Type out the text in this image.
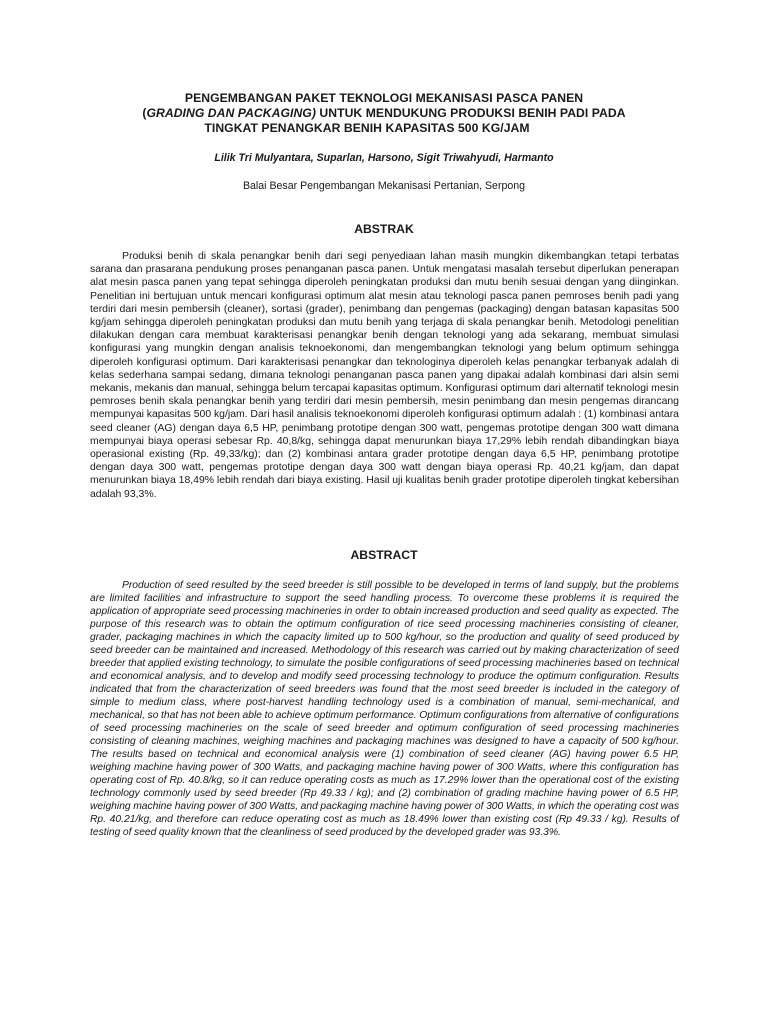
PENGEMBANGAN PAKET TEKNOLOGI MEKANISASI PASCA PANEN
(GRADING DAN PACKAGING) UNTUK MENDUKUNG PRODUKSI BENIH PADI PADA
TINGKAT PENANGKAR BENIH KAPASITAS 500 KG/JAM
Lilik Tri Mulyantara, Suparlan, Harsono, Sigit Triwahyudi, Harmanto
Balai Besar Pengembangan Mekanisasi Pertanian, Serpong
ABSTRAK

Produksi benih di skala penangkar benih dari segi penyediaan lahan masih mungkin dikembangkan tetapi terbatas sarana dan prasarana pendukung proses penanganan pasca panen. Untuk mengatasi masalah tersebut diperlukan penerapan alat mesin pasca panen yang tepat sehingga diperoleh peningkatan produksi dan mutu benih sesuai dengan yang diinginkan. Penelitian ini bertujuan untuk mencari konfigurasi optimum alat mesin atau teknologi pasca panen pemroses benih padi yang terdiri dari mesin pembersih (cleaner), sortasi (grader), penimbang dan pengemas (packaging) dengan batasan kapasitas 500 kg/jam sehingga diperoleh peningkatan produksi dan mutu benih yang terjaga di skala penangkar benih. Metodologi penelitian dilakukan dengan cara membuat karakterisasi penangkar benih dengan teknologi yang ada sekarang, membuat simulasi konfigurasi yang mungkin dengan analisis teknoekonomi, dan mengembangkan teknologi yang belum optimum sehingga diperoleh konfigurasi optimum. Dari karakterisasi penangkar dan teknologinya diperoleh kelas penangkar terbanyak adalah di kelas sederhana sampai sedang, dimana teknologi penanganan pasca panen yang dipakai adalah kombinasi dari alsin semi mekanis, mekanis dan manual, sehingga belum tercapai kapasitas optimum. Konfigurasi optimum dari alternatif teknologi mesin pemroses benih skala penangkar benih yang terdiri dari mesin pembersih, mesin penimbang dan mesin pengemas dirancang mempunyai kapasitas 500 kg/jam. Dari hasil analisis teknoekonomi diperoleh konfigurasi optimum adalah : (1) kombinasi antara seed cleaner (AG) dengan daya 6,5 HP, penimbang prototipe dengan 300 watt, pengemas prototipe dengan 300 watt dimana mempunyai biaya operasi sebesar Rp. 40,8/kg, sehingga dapat menurunkan biaya 17,29% lebih rendah dibandingkan biaya operasional existing (Rp. 49,33/kg); dan (2) kombinasi antara grader prototipe dengan daya 6,5 HP, penimbang prototipe dengan daya 300 watt, pengemas prototipe dengan daya 300 watt dengan biaya operasi Rp. 40,21 kg/jam, dan dapat menurunkan biaya 18,49% lebih rendah dari biaya existing. Hasil uji kualitas benih grader prototipe diperoleh tingkat kebersihan adalah 93,3%.

ABSTRACT

Production of seed resulted by the seed breeder is still possible to be developed in terms of land supply, but the problems are limited facilities and infrastructure to support the seed handling process. To overcome these problems it is required the application of appropriate seed processing machineries in order to obtain increased production and seed quality as expected. The purpose of this research was to obtain the optimum configuration of rice seed processing machineries consisting of cleaner, grader, packaging machines in which the capacity limited up to 500 kg/hour, so the production and quality of seed produced by seed breeder can be maintained and increased. Methodology of this research was carried out by making characterization of seed breeder that applied existing technology, to simulate the posible configurations of seed processing machineries based on technical and economical analysis, and to develop and modify seed processing technology to produce the optimum configuration. Results indicated that from the characterization of seed breeders was found that the most seed breeder is included in the category of simple to medium class, where post-harvest handling technology used is a combination of manual, semi-mechanical, and mechanical, so that has not been able to achieve optimum performance. Optimum configurations from alternative of configurations of seed processing machineries on the scale of seed breeder and optimum configuration of seed processing machineries consisting of cleaning machines, weighing machines and packaging machines was designed to have a capacity of 500 kg/hour. The results based on technical and economical analysis were (1) combination of seed cleaner (AG) having power 6.5 HP, weighing machine having power of 300 Watts, and packaging machine having power of 300 Watts, where this configuration has operating cost of Rp. 40.8/kg, so it can reduce operating costs as much as 17.29% lower than the operational cost of the existing technology commonly used by seed breeder (Rp 49.33 / kg); and (2) combination of grading machine having power of 6.5 HP, weighing machine having power of 300 Watts, and packaging machine having power of 300 Watts, in which the operating cost was Rp. 40.21/kg, and therefore can reduce operating cost as much as 18.49% lower than existing cost (Rp 49.33 / kg). Results of testing of seed quality known that the cleanliness of seed produced by the developed grader was 93.3%.
